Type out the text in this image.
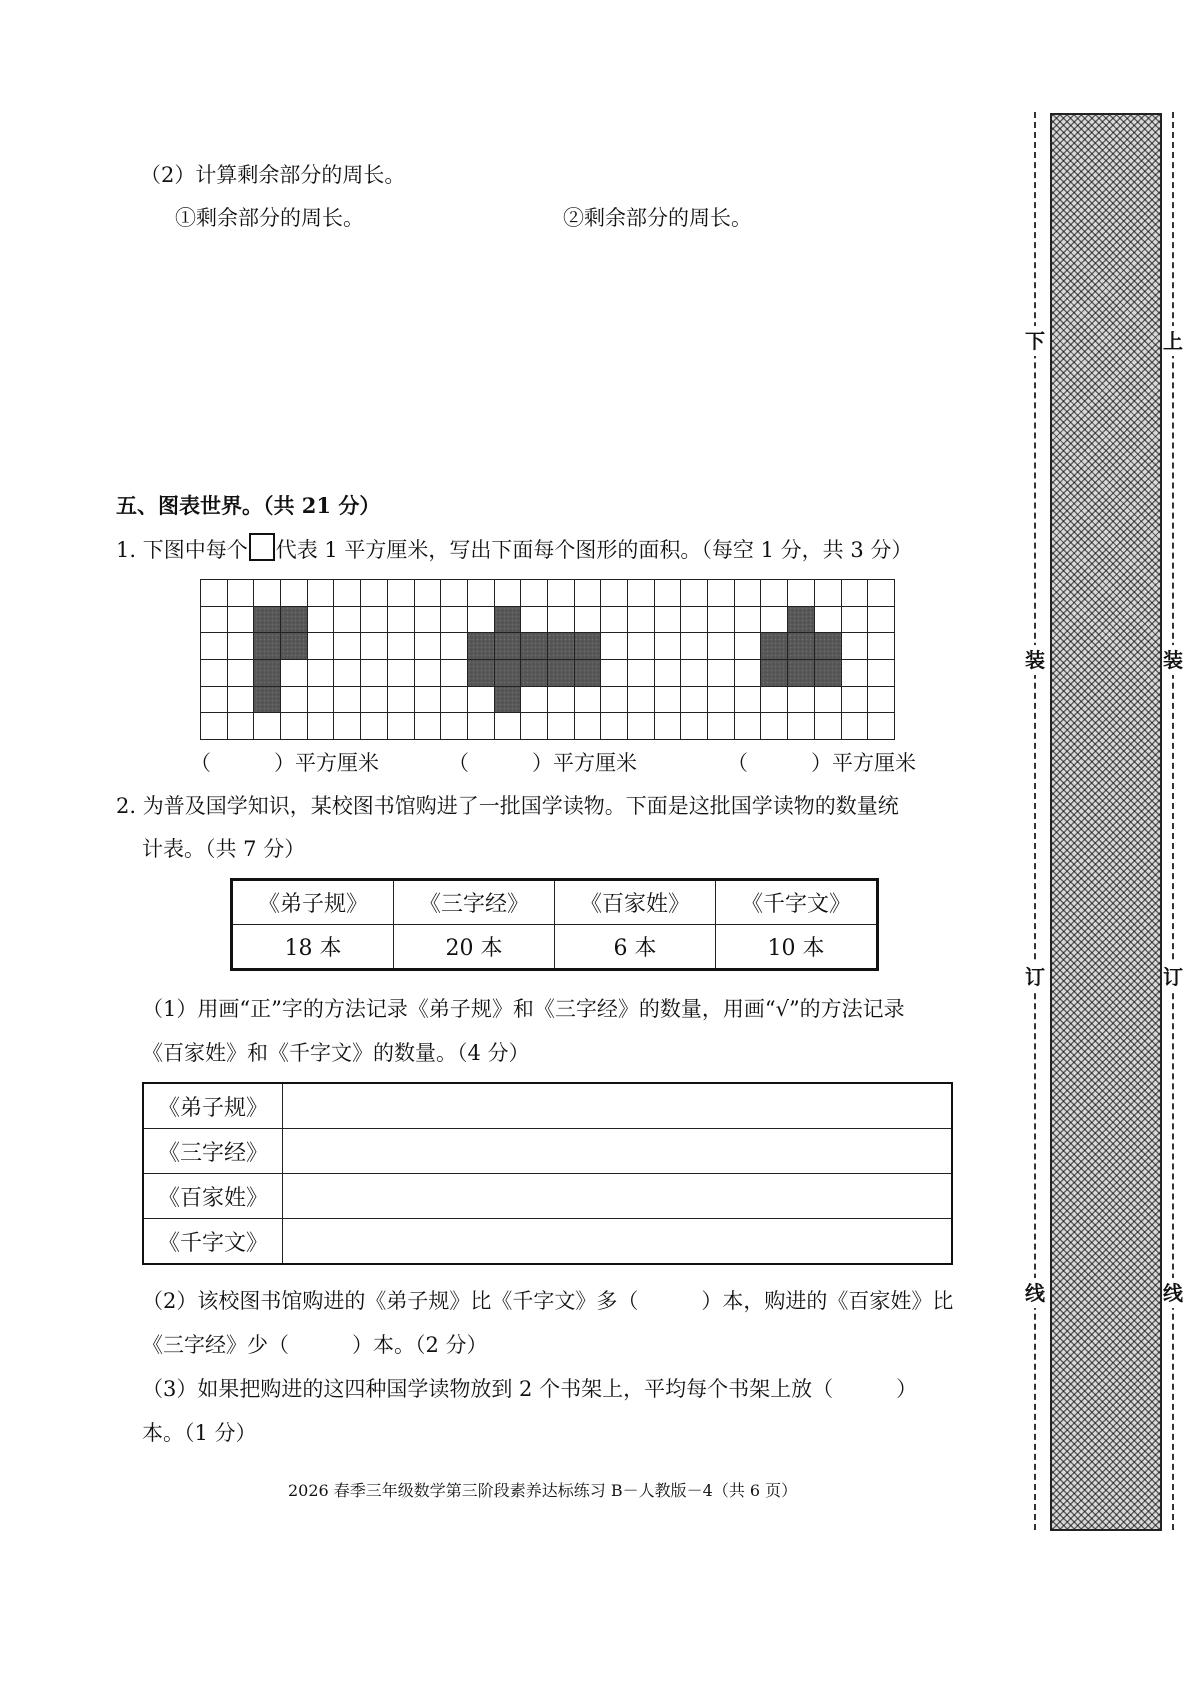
（2）计算剩余部分的周长。
①剩余部分的周长。	②剩余部分的周长。
五、图表世界。（共 21 分）
1. 下图中每个 代表 1 平方厘米，写出下面每个图形的面积。（每空 1 分，共 3 分）

（　　　）平方厘米	（　　　）平方厘米	（　　　）平方厘米
2. 为普及国学知识，某校图书馆购进了一批国学读物。下面是这批国学读物的数量统
计表。（共 7 分）
《弟子规》	《三字经》	《百家姓》	《千字文》
18 本	20 本	6 本	10 本
（1）用画“正”字的方法记录《弟子规》和《三字经》的数量，用画“√”的方法记录
《百家姓》和《千字文》的数量。（4 分）
《弟子规》	
《三字经》	
《百家姓》	
《千字文》	
（2）该校图书馆购进的《弟子规》比《千字文》多（　　　）本，购进的《百家姓》比
《三字经》少（　　　）本。（2 分）
（3）如果把购进的这四种国学读物放到 2 个书架上，平均每个书架上放（　　　）
本。（1 分）
2026 春季三年级数学第三阶段素养达标练习 B－人教版－4（共 6 页）
下
装
订
线
上
装
订
线
